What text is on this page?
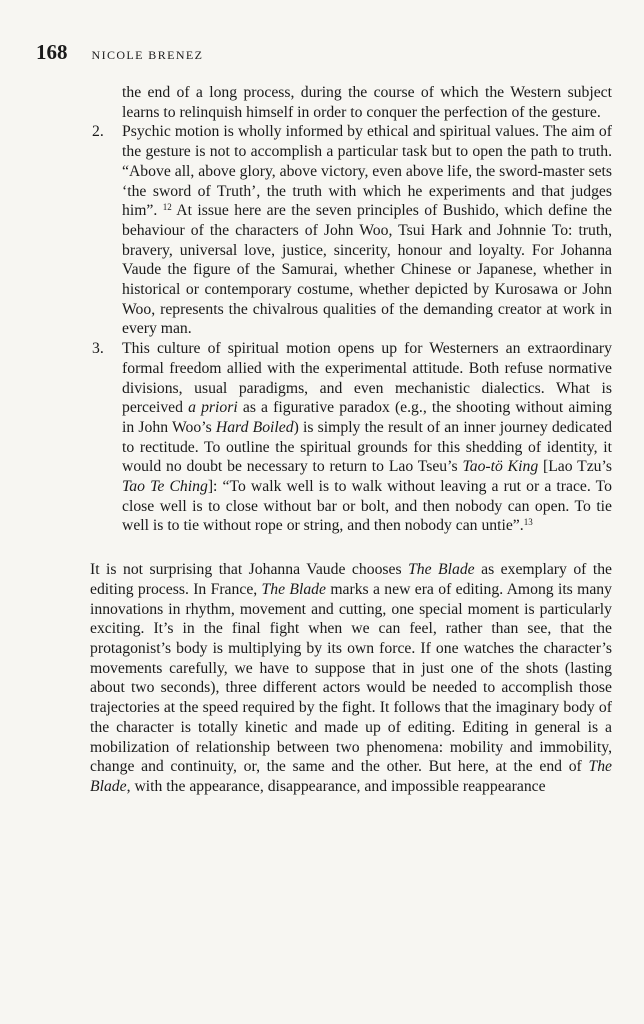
168 NICOLE BRENEZ
the end of a long process, during the course of which the Western subject learns to relinquish himself in order to conquer the perfection of the gesture.
2. Psychic motion is wholly informed by ethical and spiritual values. The aim of the gesture is not to accomplish a particular task but to open the path to truth. “Above all, above glory, above victory, even above life, the sword-master sets ‘the sword of Truth’, the truth with which he experiments and that judges him”. $^{12}$ At issue here are the seven principles of Bushido, which define the behaviour of the characters of John Woo, Tsui Hark and Johnnie To: truth, bravery, universal love, justice, sincerity, honour and loyalty. For Johanna Vaude the figure of the Samurai, whether Chinese or Japanese, whether in historical or contemporary costume, whether depicted by Kurosawa or John Woo, represents the chivalrous qualities of the demanding creator at work in every man.
3. This culture of spiritual motion opens up for Westerners an extraordinary formal freedom allied with the experimental attitude. Both refuse normative divisions, usual paradigms, and even mechanistic dialectics. What is perceived a priori as a figurative paradox (e.g., the shooting without aiming in John Woo’s Hard Boiled) is simply the result of an inner journey dedicated to rectitude. To outline the spiritual grounds for this shedding of identity, it would no doubt be necessary to return to Lao Tseu’s Tao-tö King [Lao Tzu’s Tao Te Ching]: “To walk well is to walk without leaving a rut or a trace. To close well is to close without bar or bolt, and then nobody can open. To tie well is to tie without rope or string, and then nobody can untie”.$^{13}$
It is not surprising that Johanna Vaude chooses The Blade as exemplary of the editing process. In France, The Blade marks a new era of editing. Among its many innovations in rhythm, movement and cutting, one special moment is particularly exciting. It’s in the final fight when we can feel, rather than see, that the protagonist’s body is multiplying by its own force. If one watches the character’s movements carefully, we have to suppose that in just one of the shots (lasting about two seconds), three different actors would be needed to accomplish those trajectories at the speed required by the fight. It follows that the imaginary body of the character is totally kinetic and made up of editing. Editing in general is a mobilization of relationship between two phenomena: mobility and immobility, change and continuity, or, the same and the other. But here, at the end of The Blade, with the appearance, disappearance, and impossible reappearance
